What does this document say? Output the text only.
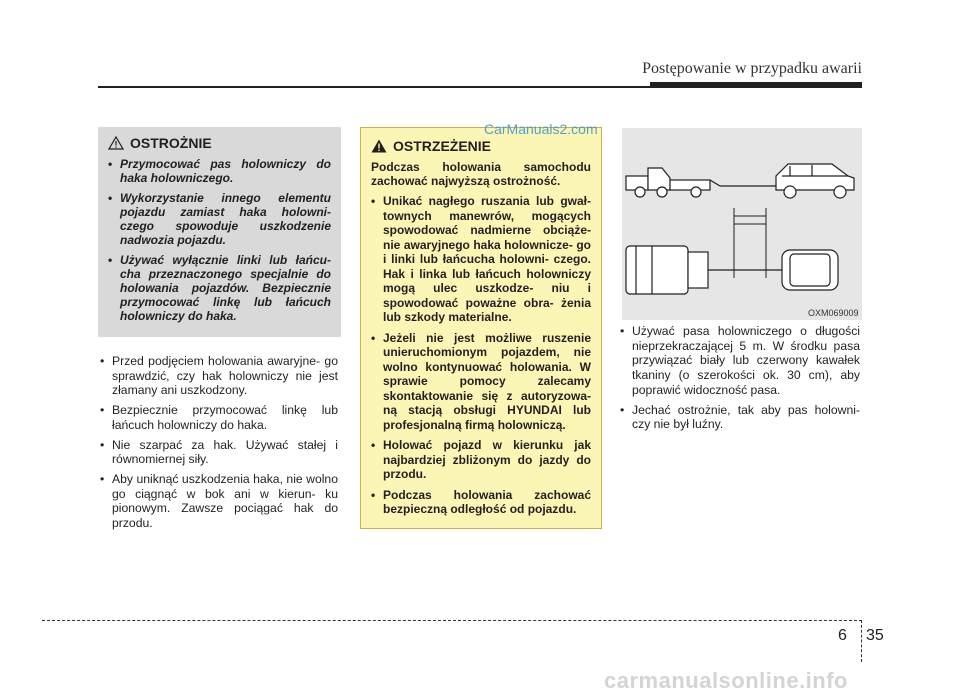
Postępowanie w przypadku awarii
OSTROŻNIE
• Przymocować pas holowniczy do haka holowniczego.
• Wykorzystanie innego elementu pojazdu zamiast haka holowni- czego spowoduje uszkodzenie nadwozia pojazdu.
• Używać wyłącznie linki lub łańcu- cha przeznaczonego specjalnie do holowania pojazdów. Bezpiecznie przymocować linkę lub łańcuch holowniczy do haka.
• Przed podjęciem holowania awaryjne- go sprawdzić, czy hak holowniczy nie jest złamany ani uszkodzony.
• Bezpiecznie przymocować linkę lub łańcuch holowniczy do haka.
• Nie szarpać za hak. Używać stałej i równomiernej siły.
• Aby uniknąć uszkodzenia haka, nie wolno go ciągnąć w bok ani w kierun- ku pionowym. Zawsze pociągać hak do przodu.
OSTRZEŻENIE
Podczas holowania samochodu zachować najwyższą ostrożność.
• Unikać nagłego ruszania lub gwał- townych manewrów, mogących spowodować nadmierne obciąże- nie awaryjnego haka holownicze- go i linki lub łańcucha holowni- czego. Hak i linka lub łańcuch holowniczy mogą ulec uszkodze- niu i spowodować poważne obra- żenia lub szkody materialne.
• Jeżeli nie jest możliwe ruszenie unieruchomionym pojazdem, nie wolno kontynuować holowania. W sprawie pomocy zalecamy skontaktowanie się z autoryzowa- ną stacją obsługi HYUNDAI lub profesjonalną firmą holowniczą.
• Holować pojazd w kierunku jak najbardziej zbliżonym do jazdy do przodu.
• Podczas holowania zachować bezpieczną odległość od pojazdu.
CarManuals2.com
OXM069009
• Używać pasa holowniczego o długości nieprzekraczającej 5 m. W środku pasa przywiązać biały lub czerwony kawałek tkaniny (o szerokości ok. 30 cm), aby poprawić widoczność pasa.
• Jechać ostrożnie, tak aby pas holowni- czy nie był luźny.
6 35
carmanualsonline.info
